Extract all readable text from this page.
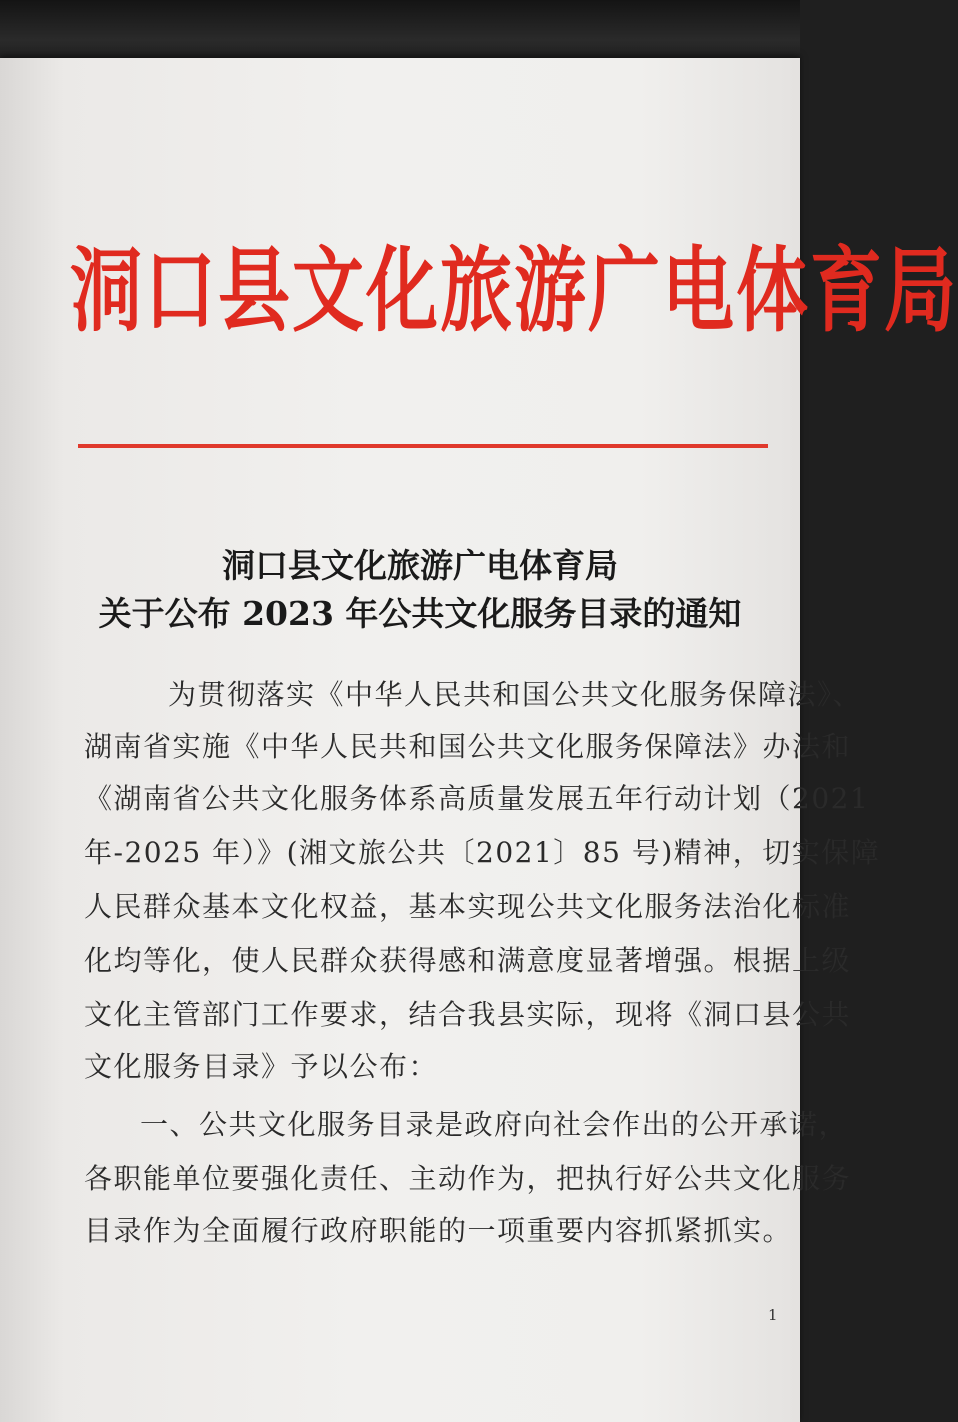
洞口县文化旅游广电体育局
洞口县文化旅游广电体育局
关于公布 2023 年公共文化服务目录的通知
为贯彻落实《中华人民共和国公共文化服务保障法》、
湖南省实施《中华人民共和国公共文化服务保障法》办法和
《湖南省公共文化服务体系高质量发展五年行动计划（2021
年-2025 年）》(湘文旅公共〔2021〕85 号)精神，切实保障
人民群众基本文化权益，基本实现公共文化服务法治化标准
化均等化，使人民群众获得感和满意度显著增强。根据上级
文化主管部门工作要求，结合我县实际，现将《洞口县公共
文化服务目录》予以公布：
一、公共文化服务目录是政府向社会作出的公开承诺，
各职能单位要强化责任、主动作为，把执行好公共文化服务
目录作为全面履行政府职能的一项重要内容抓紧抓实。
1
